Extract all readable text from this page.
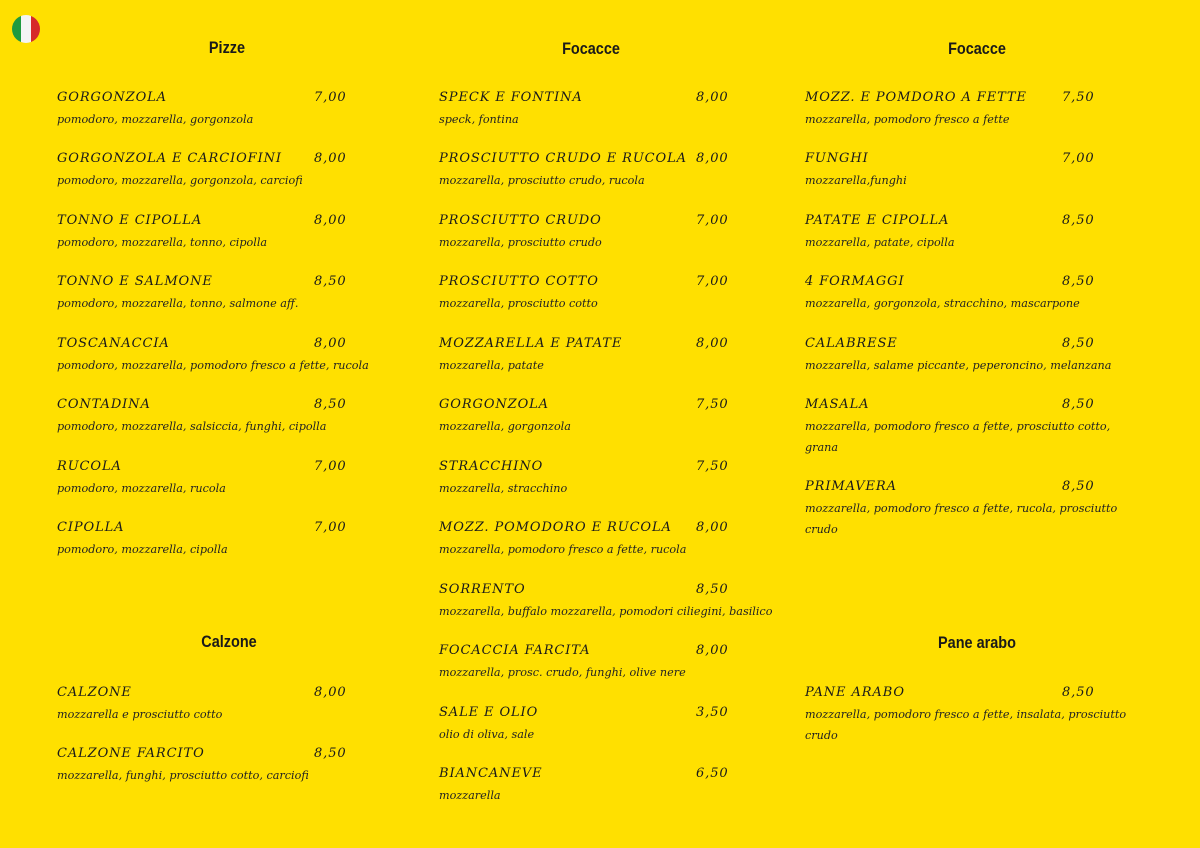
Pizze
GORGONZOLA	7,00
pomodoro, mozzarella, gorgonzola
GORGONZOLA E CARCIOFINI 8,00
pomodoro, mozzarella, gorgonzola, carciofi
TONNO E CIPOLLA	8,00
pomodoro, mozzarella, tonno, cipolla
TONNO E SALMONE	8,50
pomodoro, mozzarella, tonno, salmone aff.
TOSCANACCIA	8,00
pomodoro, mozzarella, pomodoro fresco a fette, rucola
CONTADINA	8,50
pomodoro, mozzarella, salsiccia, funghi, cipolla
RUCOLA	7,00
pomodoro, mozzarella, rucola
CIPOLLA	7,00
pomodoro, mozzarella, cipolla
Calzone
CALZONE	8,00
mozzarella e prosciutto cotto
CALZONE FARCITO	8,50
mozzarella, funghi, prosciutto cotto, carciofi
Focacce
SPECK E FONTINA	8,00
speck, fontina
PROSCIUTTO CRUDO E RUCOLA 8,00
mozzarella, prosciutto crudo, rucola
PROSCIUTTO CRUDO	7,00
mozzarella, prosciutto crudo
PROSCIUTTO COTTO	7,00
mozzarella, prosciutto cotto
MOZZARELLA E PATATE	8,00
mozzarella, patate
GORGONZOLA	7,50
mozzarella, gorgonzola
STRACCHINO	7,50
mozzarella, stracchino
MOZZ. POMODORO E RUCOLA 8,00
mozzarella, pomodoro fresco a fette, rucola
SORRENTO	8,50
mozzarella, buffalo mozzarella, pomodori ciliegini, basilico
FOCACCIA FARCITA	8,00
mozzarella, prosc. crudo, funghi, olive nere
SALE E OLIO	3,50
olio di oliva, sale
BIANCANEVE	6,50
mozzarella
Focacce
MOZZ. E POMDORO A FETTE	7,50
mozzarella, pomodoro fresco a fette
FUNGHI	7,00
mozzarella,funghi
PATATE E CIPOLLA	8,50
mozzarella, patate, cipolla
4 FORMAGGI	8,50
mozzarella, gorgonzola, stracchino, mascarpone
CALABRESE	8,50
mozzarella, salame piccante, peperoncino, melanzana
MASALA	8,50
mozzarella, pomodoro fresco a fette, prosciutto cotto, grana
PRIMAVERA	8,50
mozzarella, pomodoro fresco a fette, rucola, prosciutto crudo
Pane arabo
PANE ARABO	8,50
mozzarella, pomodoro fresco a fette, insalata, prosciutto crudo
